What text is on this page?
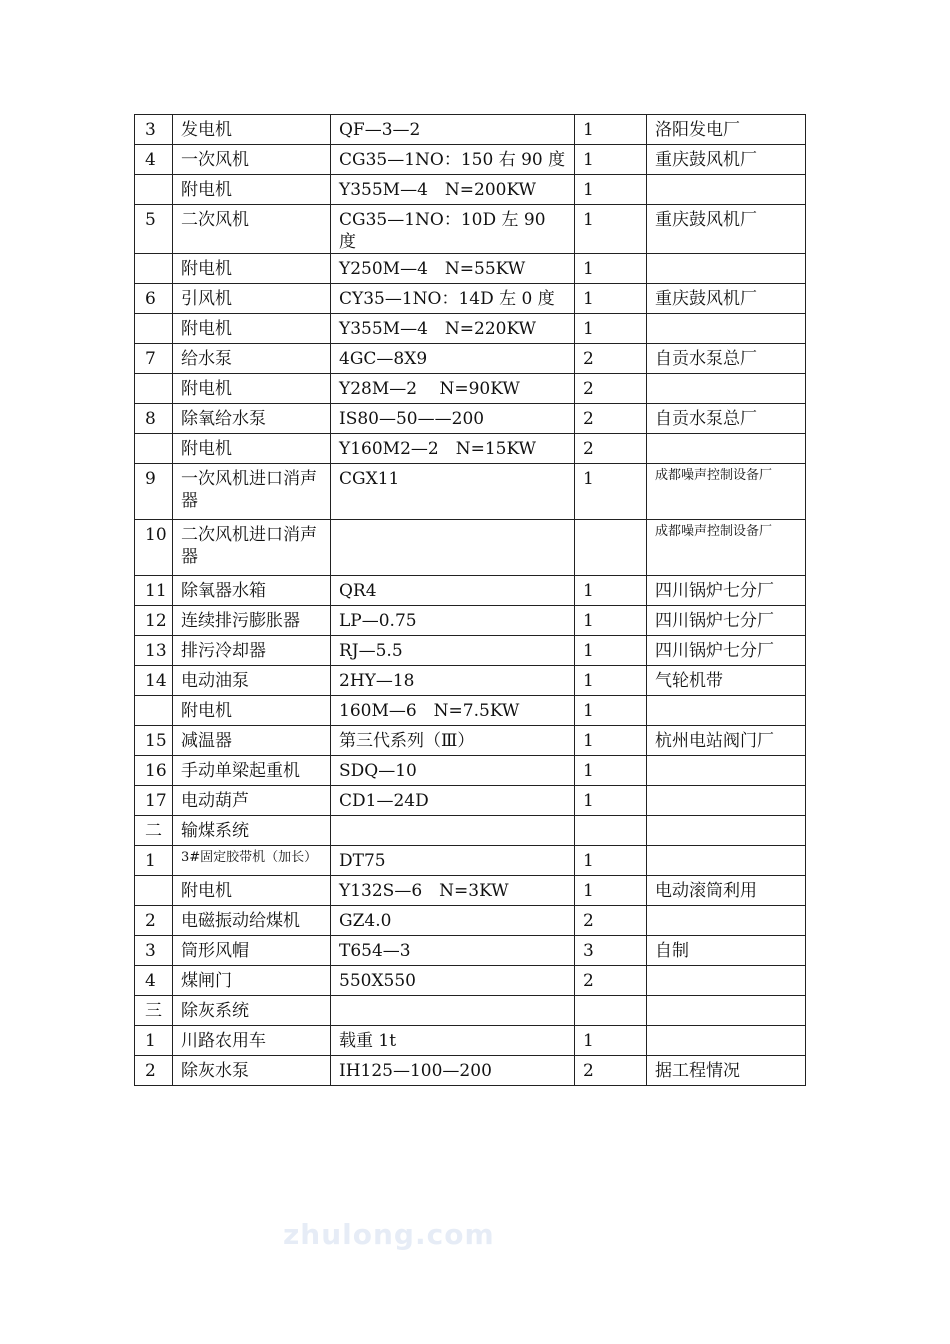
3	发电机	QF—3—2	1	洛阳发电厂
4	一次风机	CG35—1NO：150 右 90 度	1	重庆鼓风机厂
	附电机	Y355M—4　N=200KW	1	
5	二次风机	CG35—1NO：10D 左 90 度	1	重庆鼓风机厂
	附电机	Y250M—4　N=55KW	1	
6	引风机	CY35—1NO：14D 左 0 度	1	重庆鼓风机厂
	附电机	Y355M—4　N=220KW	1	
7	给水泵	4GC—8X9	2	自贡水泵总厂
	附电机	Y28M—2　 N=90KW	2	
8	除氧给水泵	IS80—50——200	2	自贡水泵总厂
	附电机	Y160M2—2　N=15KW	2	
9	一次风机进口消声器	CGX11	1	成都噪声控制设备厂
10	二次风机进口消声器			成都噪声控制设备厂
11	除氧器水箱	QR4	1	四川锅炉七分厂
12	连续排污膨胀器	LP—0.75	1	四川锅炉七分厂
13	排污冷却器	RJ—5.5	1	四川锅炉七分厂
14	电动油泵	2HY—18	1	气轮机带
	附电机	160M—6　N=7.5KW	1	
15	减温器	第三代系列（Ⅲ）	1	杭州电站阀门厂
16	手动单梁起重机	SDQ—10	1	
17	电动葫芦	CD1—24D	1	
二	输煤系统			
1	3#固定胶带机（加长）	DT75	1	
	附电机	Y132S—6　N=3KW	1	电动滚筒利用
2	电磁振动给煤机	GZ4.0	2	
3	筒形风帽	T654—3	3	自制
4	煤闸门	550X550	2	
三	除灰系统			
1	川路农用车	载重 1t	1	
2	除灰水泵	IH125—100—200	2	据工程情况
zhulong.com
